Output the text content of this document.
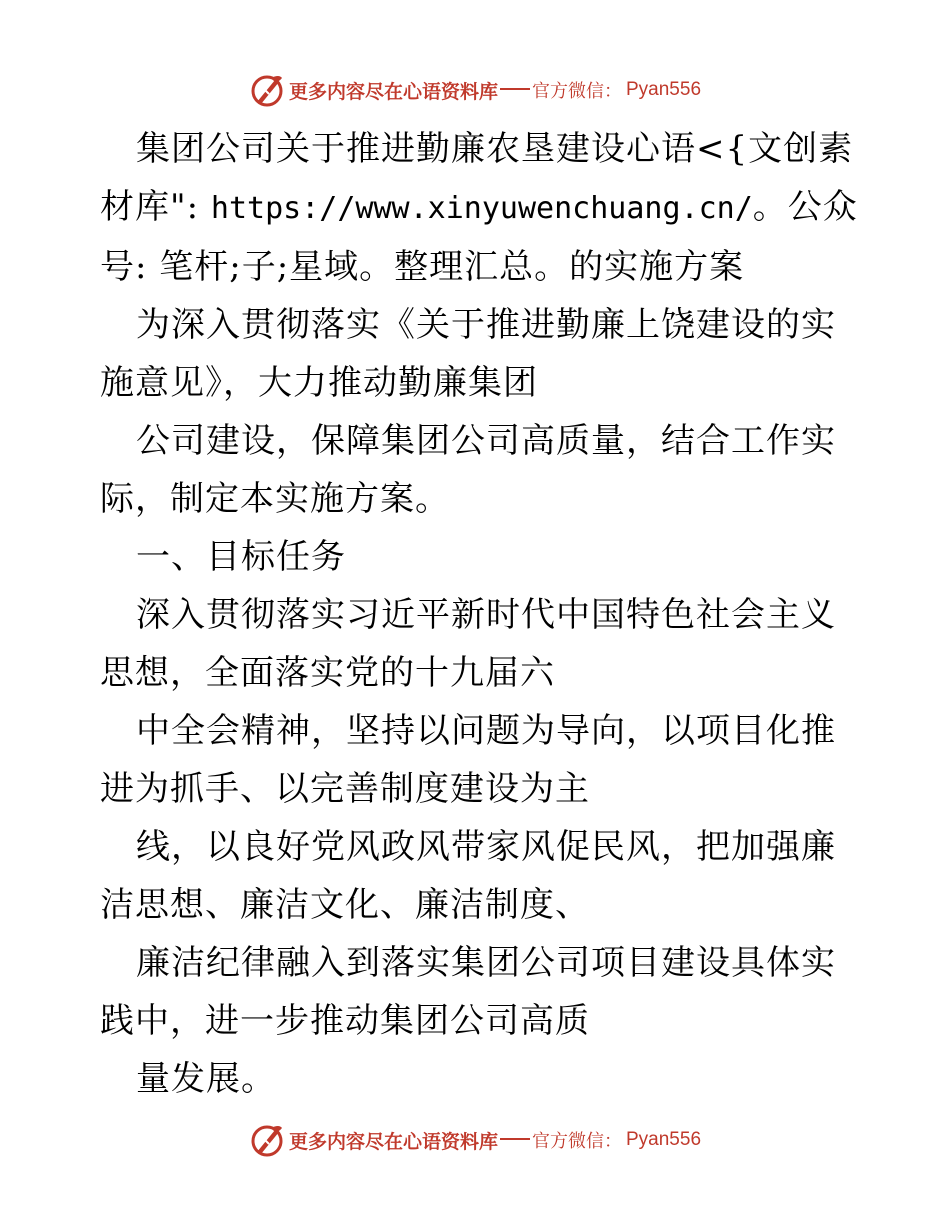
更多内容尽在心语资料库 官方微信： Pyan556

集团公司关于推进勤廉农垦建设心语<{文创素材库": https://www.xinyuwenchuang.cn/。公众号: 笔杆;子;星域。整理汇总。的实施方案

为深入贯彻落实《关于推进勤廉上饶建设的实施意见》，大力推动勤廉集团

公司建设，保障集团公司高质量，结合工作实际，制定本实施方案。

一、目标任务

深入贯彻落实习近平新时代中国特色社会主义思想，全面落实党的十九届六

中全会精神，坚持以问题为导向，以项目化推进为抓手、以完善制度建设为主

线，以良好党风政风带家风促民风，把加强廉洁思想、廉洁文化、廉洁制度、

廉洁纪律融入到落实集团公司项目建设具体实践中，进一步推动集团公司高质

量发展。

更多内容尽在心语资料库 官方微信： Pyan556
